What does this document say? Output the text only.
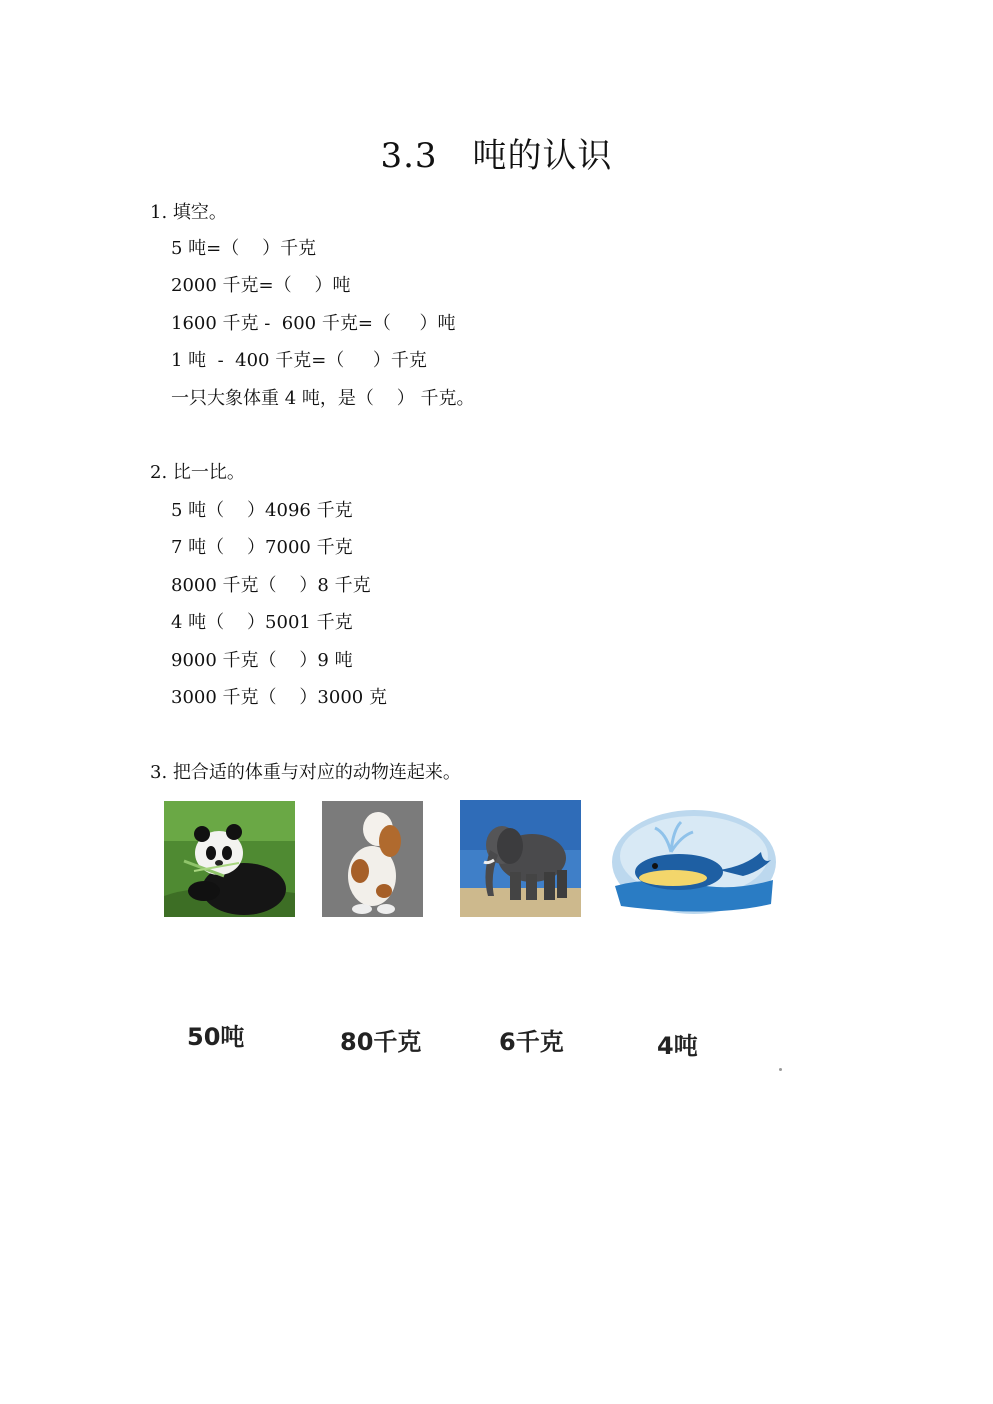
3.3　吨的认识
1. 填空。
5 吨=（    ）千克
2000 千克=（    ）吨
1600 千克 -  600 千克=（     ）吨
1 吨  -  400 千克=（     ）千克
一只大象体重 4 吨，是（    ） 千克。
2. 比一比。
5 吨（    ）4096 千克
7 吨（    ）7000 千克
8000 千克（    ）8 千克
4 吨（    ）5001 千克
9000 千克（    ）9 吨
3000 千克（    ）3000 克
3. 把合适的体重与对应的动物连起来。
50吨	80千克	6千克	4吨
